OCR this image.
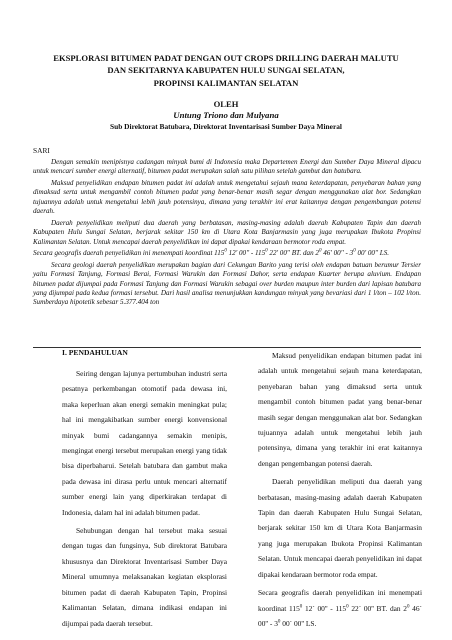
EKSPLORASI BITUMEN PADAT DENGAN OUT CROPS DRILLING DAERAH MALUTU
DAN SEKITARNYA KABUPATEN HULU SUNGAI SELATAN,
PROPINSI KALIMANTAN SELATAN
OLEH
Untung Triono dan Mulyana
Sub Direktorat Batubara, Direktorat Inventarisasi Sumber Daya Mineral
SARI

Dengan semakin menipisnya cadangan minyak bumi di Indonesia maka Departemen Energi dan Sumber Daya Mineral dipacu untuk mencari sumber energi alternatif, bitumen padat merupakan salah satu pilihan setelah gambut dan batubara.

Maksud penyelidikan endapan bitumen padat ini adalah untuk mengetahui sejauh mana keterdapatan, penyebaran bahan yang dimaksud serta untuk mengambil contoh bitumen padat yang benar-benar masih segar dengan menggunakan alat bor. Sedangkan tujuannya adalah untuk mengetahui lebih jauh potensinya, dimana yang terakhir ini erat kaitannya dengan pengembangan potensi daerah.

Daerah penyelidikan meliputi dua daerah yang berbatasan, masing-masing adalah daerah Kabupaten Tapin dan daerah Kabupaten Hulu Sungai Selatan, berjarak sekitar 150 km di Utara Kota Banjarmasin yang juga merupakan Ibukota Propinsi Kalimantan Selatan. Untuk mencapai daerah penyelidikan ini dapat dipakai kendaraan bermotor roda empat.

Secara geografis daerah penyelidikan ini menempati koordinat $115^0$ 12' $00'' - 115^0$ 22' 00'' BT. dan $2^0$ 46' $00'' - 3^0$ 00' 00'' LS.

Secara geologi daerah penyelidikan merupakan bagian dari Cekungan Barito yang terisi oleh endapan batuan berumur Tersier yaitu Formasi Tanjung, Formasi Berai, Formasi Warukin dan Formasi Dahor, serta endapan Kuarter berupa aluvium. Endapan bitumen padat dijumpai pada Formasi Tanjung dan Formasi Warukin sebagai over burden maupun inter burden dari lapisan batubara yang dijumpai pada kedua formasi tersebut. Dari hasil analisa menunjukkan kandungan minyak yang bevariasi dari 1 l/ton – 102 l/ton. Sumberdaya hipotetik sebesar 5.377.404 ton

I. PENDAHULUAN

Seiring dengan lajunya pertumbuhan industri serta pesatnya perkembangan otomotif pada dewasa ini, maka keperluan akan energi semakin meningkat pula; hal ini mengakibatkan sumber energi konvensional minyak bumi cadangannya semakin menipis, mengingat energi tersebut merupakan energi yang tidak bisa diperbaharui. Setelah batubara dan gambut maka pada dewasa ini dirasa perlu untuk mencari alternatif sumber energi lain yang diperkirakan terdapat di Indonesia, dalam hal ini adalah bitumen padat.

Sehubungan dengan hal tersebut maka sesuai dengan tugas dan fungsinya, Sub direktorat Batubara khususnya dan Direktorat Inventarisasi Sumber Daya Mineral umumnya melaksanakan kegiatan eksplorasi bitumen padat di daerah Kabupaten Tapin, Propinsi Kalimantan Selatan, dimana indikasi endapan ini dijumpai pada daerah tersebut.

Maksud penyelidikan endapan bitumen padat ini adalah untuk mengetahui sejauh mana keterdapatan, penyebaran bahan yang dimaksud serta untuk mengambil contoh bitumen padat yang benar-benar masih segar dengan menggunakan alat bor. Sedangkan tujuannya adalah untuk mengetahui lebih jauh potensinya, dimana yang terakhir ini erat kaitannya dengan pengembangan potensi daerah.

Daerah penyelidikan meliputi dua daerah yang berbatasan, masing-masing adalah daerah Kabupaten Tapin dan daerah Kabupaten Hulu Sungai Selatan, berjarak sekitar 150 km di Utara Kota Banjarmasin yang juga merupakan Ibukota Propinsi Kalimantan Selatan. Untuk mencapai daerah penyelidikan ini dapat dipakai kendaraan bermotor roda empat.

Secara geografis daerah penyelidikan ini menempati koordinat $115^0$ 12` $00'' - 115^0$ 22` 00'' BT. dan $2^0$ 46` $00'' - 3^0$ 00` 00'' LS.
